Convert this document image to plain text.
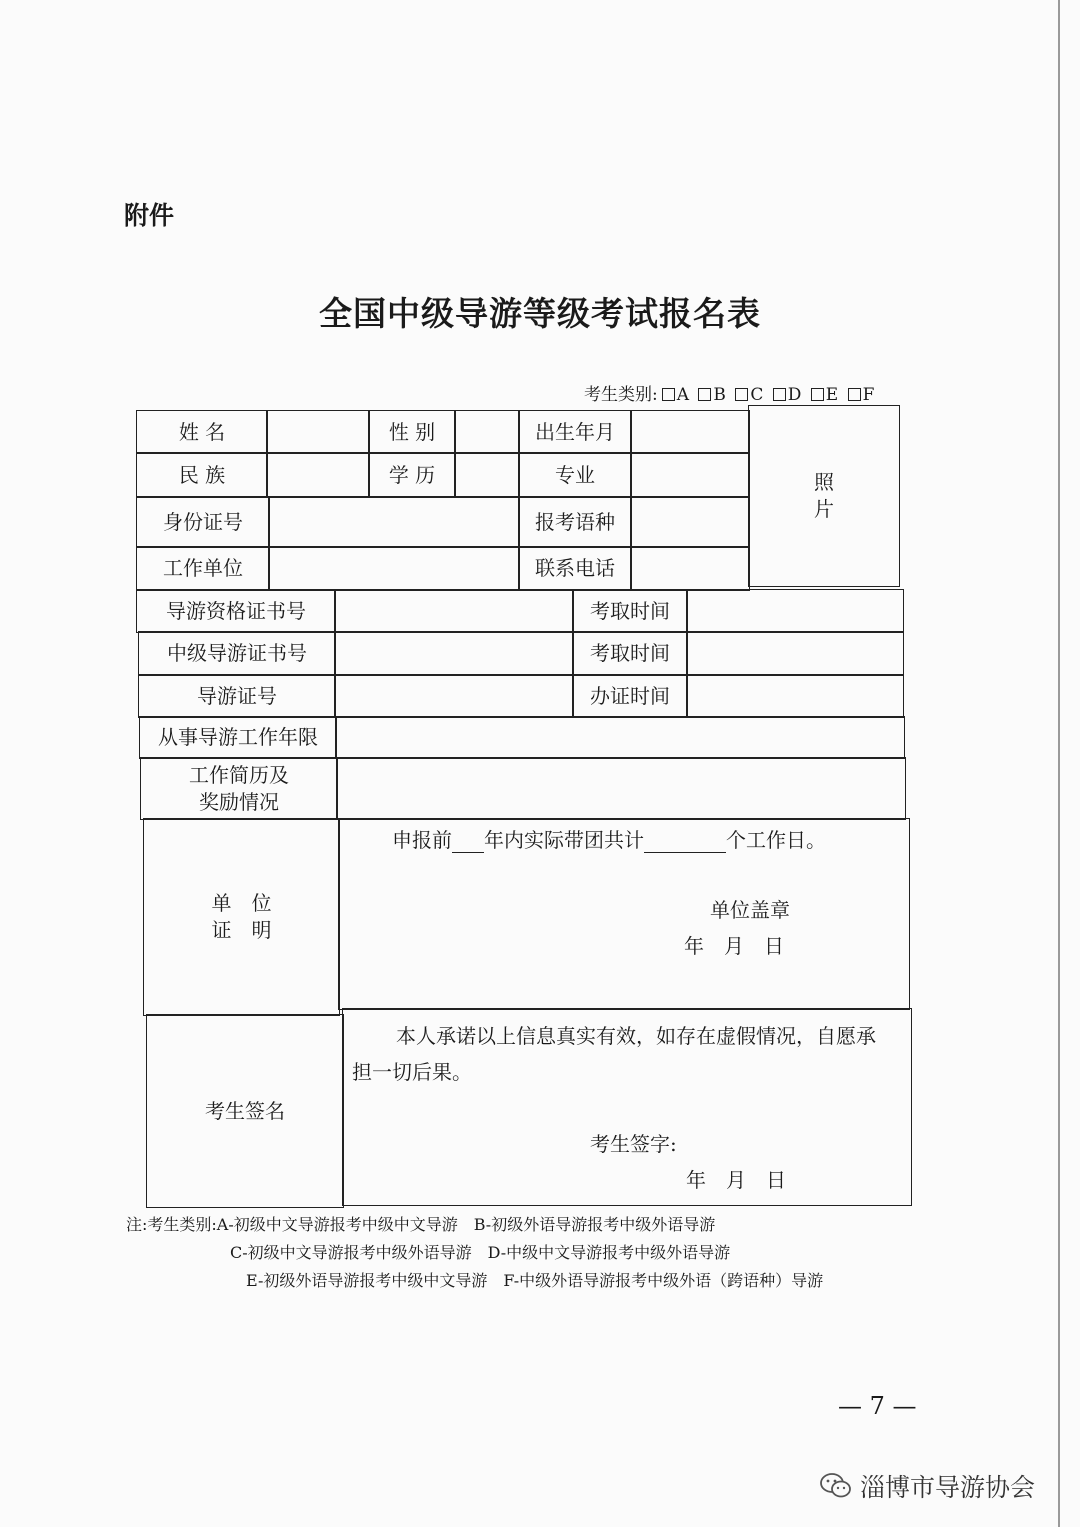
附件
全国中级导游等级考试报名表
考生类别: A B C D E F
姓 名	性 别	出生年月
照
片
民 族	学 历	专业
身份证号	报考语种
工作单位	联系电话
导游资格证书号	考取时间
中级导游证书号	考取时间
导游证号	办证时间
从事导游工作年限
工作简历及
奖励情况
单　位
证　明
申报前 年内实际带团共计	个工作日。
单位盖章
年　月　日
考生签名
本人承诺以上信息真实有效，如存在虚假情况，自愿承
担一切后果。
考生签字:
年　月　日
注:考生类别:A-初级中文导游报考中级中文导游　B-初级外语导游报考中级外语导游
C-初级中文导游报考中级外语导游　D-中级中文导游报考中级外语导游
E-初级外语导游报考中级中文导游　F-中级外语导游报考中级外语（跨语种）导游
— 7 —
淄博市导游协会
